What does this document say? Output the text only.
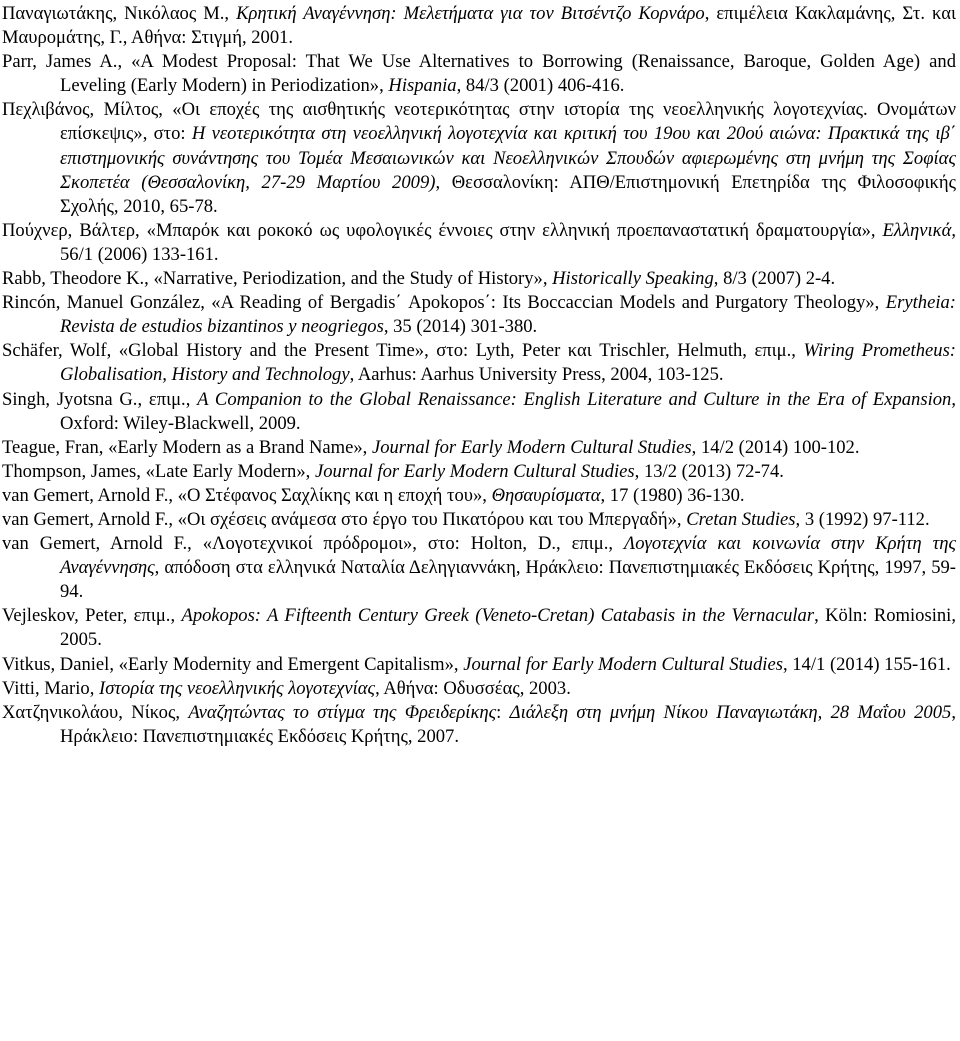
Παναγιωτάκης, Νικόλαος Μ., Κρητική Αναγέννηση: Μελετήματα για τον Βιτσέντζο Κορνάρο, επιμέλεια Κακλαμάνης, Στ. και Μαυρομάτης, Γ., Αθήνα: Στιγμή, 2001.

Parr, James A., «A Modest Proposal: That We Use Alternatives to Borrowing (Renaissance, Baroque, Golden Age) and Leveling (Early Modern) in Periodization», Hispania, 84/3 (2001) 406-416.

Πεχλιβάνος, Μίλτος, «Οι εποχές της αισθητικής νεοτερικότητας στην ιστορία της νεοελληνικής λογοτεχνίας. Ονομάτων επίσκεψις», στο: Η νεοτερικότητα στη νεοελληνική λογοτεχνία και κριτική του 19ου και 20ού αιώνα: Πρακτικά της ιβ΄ επιστημονικής συνάντησης του Τομέα Μεσαιωνικών και Νεοελληνικών Σπουδών αφιερωμένης στη μνήμη της Σοφίας Σκοπετέα (Θεσσαλονίκη, 27-29 Μαρτίου 2009), Θεσσαλονίκη: ΑΠΘ/Επιστημονική Επετηρίδα της Φιλοσοφικής Σχολής, 2010, 65-78.

Πούχνερ, Βάλτερ, «Μπαρόκ και ροκοκό ως υφολογικές έννοιες στην ελληνική προεπαναστατική δραματουργία», Ελληνικά, 56/1 (2006) 133-161.

Rabb, Theodore K., «Narrative, Periodization, and the Study of History», Historically Speaking, 8/3 (2007) 2-4.

Rincón, Manuel González, «A Reading of Bergadis΄ Apokopos΄: Its Boccaccian Models and Purgatory Theology», Erytheia: Revista de estudios bizantinos y neogriegos, 35 (2014) 301-380.

Schäfer, Wolf, «Global History and the Present Time», στο: Lyth, Peter και Trischler, Helmuth, επιμ., Wiring Prometheus: Globalisation, History and Technology, Aarhus: Aarhus University Press, 2004, 103-125.

Singh, Jyotsna G., επιμ., A Companion to the Global Renaissance: English Literature and Culture in the Era of Expansion, Oxford: Wiley-Blackwell, 2009.

Teague, Fran, «Early Modern as a Brand Name», Journal for Early Modern Cultural Studies, 14/2 (2014) 100-102.

Thompson, James, «Late Early Modern», Journal for Early Modern Cultural Studies, 13/2 (2013) 72-74.

van Gemert, Arnold F., «Ο Στέφανος Σαχλίκης και η εποχή του», Θησαυρίσματα, 17 (1980) 36-130.

van Gemert, Arnold F., «Οι σχέσεις ανάμεσα στο έργο του Πικατόρου και του Μπεργαδή», Cretan Studies, 3 (1992) 97-112.

van Gemert, Arnold F., «Λογοτεχνικοί πρόδρομοι», στο: Holton, D., επιμ., Λογοτεχνία και κοινωνία στην Κρήτη της Αναγέννησης, απόδοση στα ελληνικά Ναταλία Δεληγιαννάκη, Ηράκλειο: Πανεπιστημιακές Εκδόσεις Κρήτης, 1997, 59-94.

Vejleskov, Peter, επιμ., Apokopos: A Fifteenth Century Greek (Veneto-Cretan) Catabasis in the Vernacular, Köln: Romiosini, 2005.

Vitkus, Daniel, «Early Modernity and Emergent Capitalism», Journal for Early Modern Cultural Studies, 14/1 (2014) 155-161.

Vitti, Mario, Ιστορία της νεοελληνικής λογοτεχνίας, Αθήνα: Οδυσσέας, 2003.

Χατζηνικολάου, Νίκος, Αναζητώντας το στίγμα της Φρειδερίκης: Διάλεξη στη μνήμη Νίκου Παναγιωτάκη, 28 Μαΐου 2005, Ηράκλειο: Πανεπιστημιακές Εκδόσεις Κρήτης, 2007.
